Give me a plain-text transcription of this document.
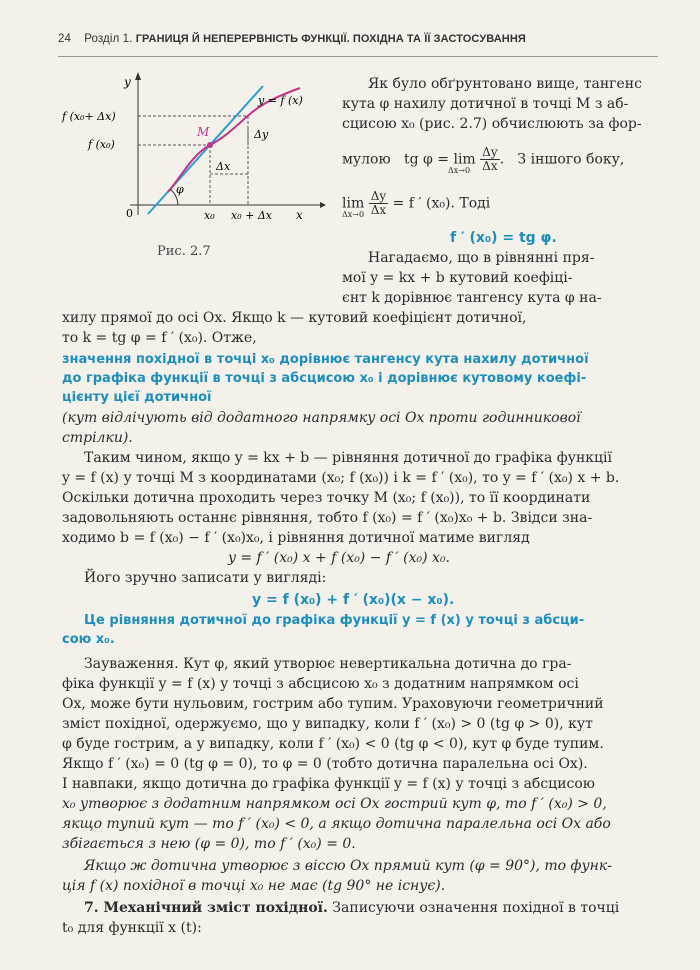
24 Розділ 1. ГРАНИЦЯ Й НЕПЕРЕРВНІСТЬ ФУНКЦІЇ. ПОХІДНА ТА ЇЇ ЗАСТОСУВАННЯ
y
y = f (x)
f (x₀+ Δx)
f (x₀)
M	Δy
Δx
φ
0	x₀ x₀ + Δx x
Рис. 2.7
Як було обґрунтовано вище, тангенс
кута φ нахилу дотичної в точці M з аб-
сцисою x₀ (рис. 2.7) обчислюють за фор-
мулою tg $\varphi = \lim \frac{\Delta y}{\Delta x}$ .   З іншого боку,
Δx→0
$\lim \frac{\Delta y}{\Delta x} = f$ ′ (x₀). Тоді
Δx→0
f ′ (x₀) = tg φ.
Нагадаємо, що в рівнянні пря-
мої y = kx + b кутовий коефіці-
єнт k дорівнює тангенсу кута φ на-
хилу прямої до осі Ox. Якщо k — кутовий коефіцієнт дотичної,
то k = tg φ = f ′ (x₀). Отже,
значення похідної в точці x₀ дорівнює тангенсу кута нахилу дотичної
до графіка функції в точці з абсцисою x₀ і дорівнює кутовому коефі-
цієнту цієї дотичної
(кут відлічують від додатного напрямку осі Ox проти годинникової
стрілки).
Таким чином, якщо y = kx + b — рівняння дотичної до графіка функції
y = f (x) у точці M з координатами (x₀; f (x₀)) і k = f ′ (x₀), то y = f ′ (x₀) x + b.
Оскільки дотична проходить через точку M (x₀; f (x₀)), то її координати
задовольняють останнє рівняння, тобто f (x₀) = f ′ (x₀)x₀ + b. Звідси зна-
ходимо b = f (x₀) − f ′ (x₀)x₀, і рівняння дотичної матиме вигляд
y = f ′ (x₀) x + f (x₀) − f ′ (x₀) x₀.
Його зручно записати у вигляді:
y = f (x₀) + f ′ (x₀)(x − x₀).
Це рівняння дотичної до графіка функції y = f (x) у точці з абсци-
сою x₀.
Зауваження. Кут φ, який утворює невертикальна дотична до гра-
фіка функції y = f (x) у точці з абсцисою x₀ з додатним напрямком осі
Ox, може бути нульовим, гострим або тупим. Ураховуючи геометричний
зміст похідної, одержуємо, що у випадку, коли f ′ (x₀) > 0 (tg φ > 0), кут
φ буде гострим, а у випадку, коли f ′ (x₀) < 0 (tg φ < 0), кут φ буде тупим.
Якщо f ′ (x₀) = 0 (tg φ = 0), то φ = 0 (тобто дотична паралельна осі Ox).
І навпаки, якщо дотична до графіка функції y = f (x) у точці з абсцисою
x₀ утворює з додатним напрямком осі Ox гострий кут φ, то f ′ (x₀) > 0,
якщо тупий кут — то f ′ (x₀) < 0, а якщо дотична паралельна осі Ox або
збігається з нею (φ = 0), то f ′ (x₀) = 0.
Якщо ж дотична утворює з віссю Ox прямий кут (φ = 90°), то функ-
ція f (x) похідної в точці x₀ не має (tg 90° не існує).
7. Механічний зміст похідної. Записуючи означення похідної в точці
t₀ для функції x (t):
